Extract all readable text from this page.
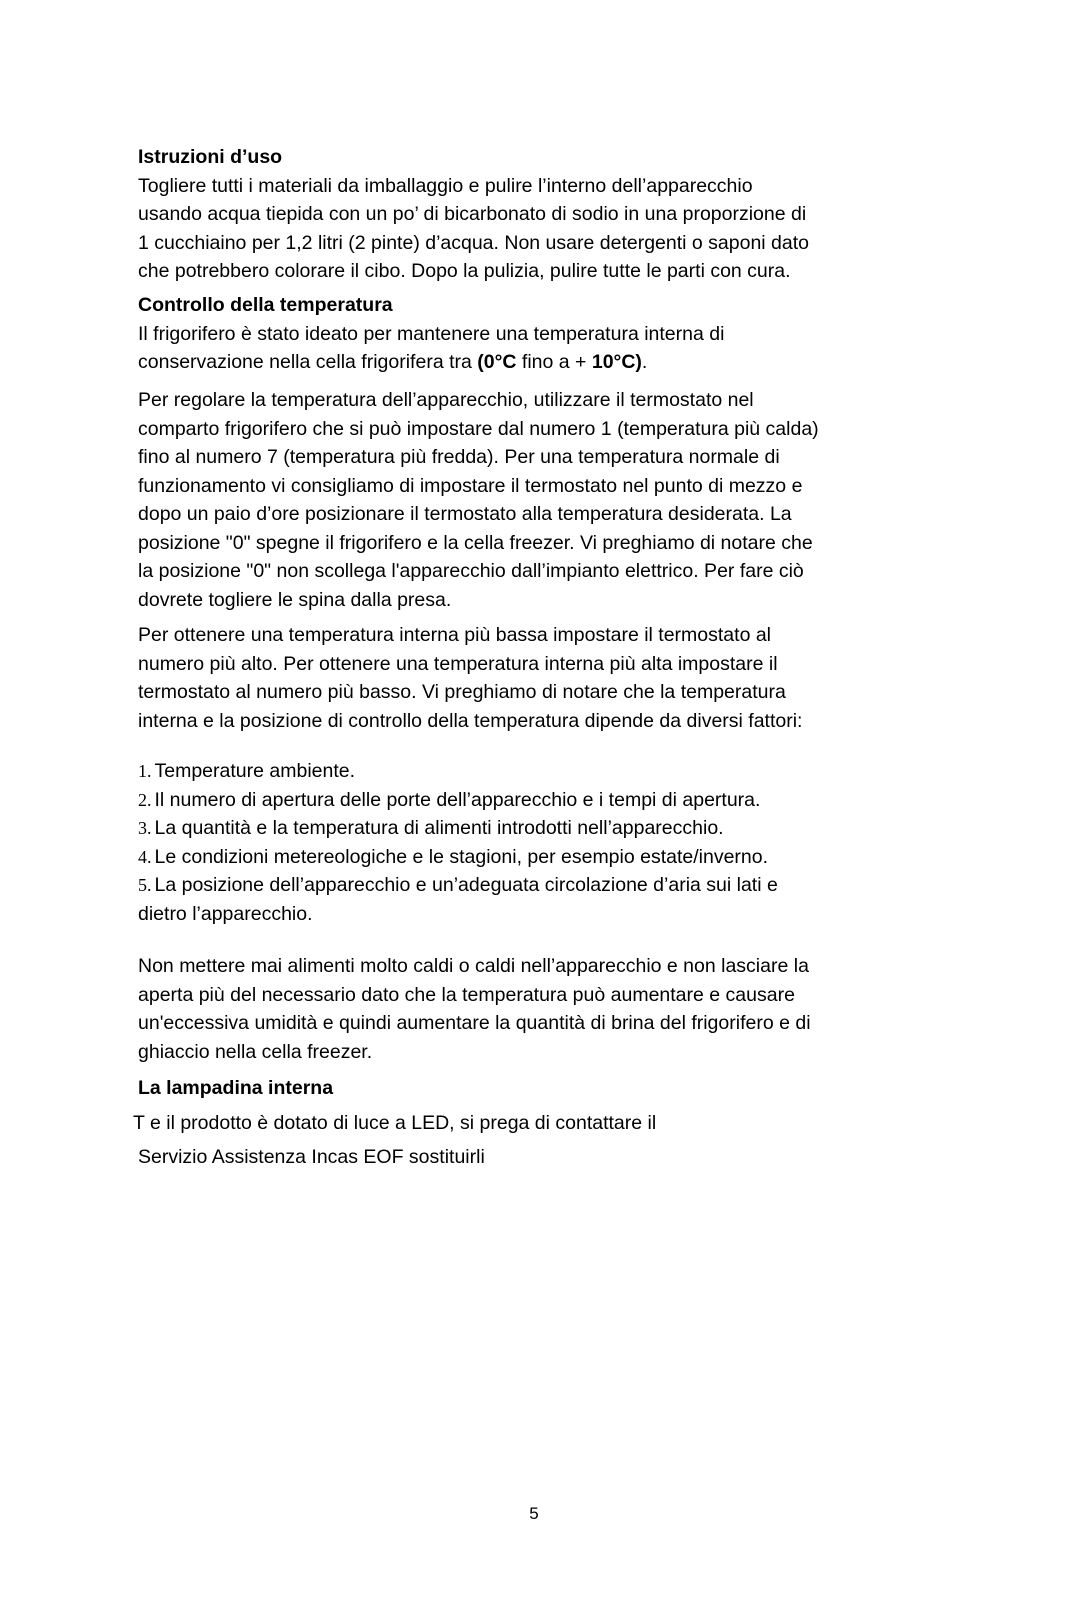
Istruzioni d’uso

Togliere tutti i materiali da imballaggio e pulire l’interno dell’apparecchio
usando acqua tiepida con un po’ di bicarbonato di sodio in una proporzione di
1 cucchiaino per 1,2 litri (2 pinte) d’acqua. Non usare detergenti o saponi dato
che potrebbero colorare il cibo. Dopo la pulizia, pulire tutte le parti con cura.

Controllo della temperatura

Il frigorifero è stato ideato per mantenere una temperatura interna di
conservazione nella cella frigorifera tra (0°C fino a + 10°C).
Per regolare la temperatura dell’apparecchio, utilizzare il termostato nel
comparto frigorifero che si può impostare dal numero 1 (temperatura più calda)
fino al numero 7 (temperatura più fredda). Per una temperatura normale di
funzionamento vi consigliamo di impostare il termostato nel punto di mezzo e
dopo un paio d’ore posizionare il termostato alla temperatura desiderata. La
posizione "0" spegne il frigorifero e la cella freezer. Vi preghiamo di notare che
la posizione "0" non scollega l'apparecchio dall’impianto elettrico. Per fare ciò
dovrete togliere le spina dalla presa.
Per ottenere una temperatura interna più bassa impostare il termostato al
numero più alto. Per ottenere una temperatura interna più alta impostare il
termostato al numero più basso. Vi preghiamo di notare che la temperatura
interna e la posizione di controllo della temperatura dipende da diversi fattori:
1. Temperature ambiente.
2. Il numero di apertura delle porte dell’apparecchio e i tempi di apertura.
3. La quantità e la temperatura di alimenti introdotti nell’apparecchio.
4. Le condizioni metereologiche e le stagioni, per esempio estate/inverno.
5. La posizione dell’apparecchio e un’adeguata circolazione d’aria sui lati e
dietro l’apparecchio.
Non mettere mai alimenti molto caldi o caldi nell’apparecchio e non lasciare la
aperta più del necessario dato che la temperatura può aumentare e causare
un'eccessiva umidità e quindi aumentare la quantità di brina del frigorifero e di
ghiaccio nella cella freezer.

La lampadina interna

T e il prodotto è dotato di luce a LED, si prega di contattare il
Servizio Assistenza Incas EOF sostituirli
5
